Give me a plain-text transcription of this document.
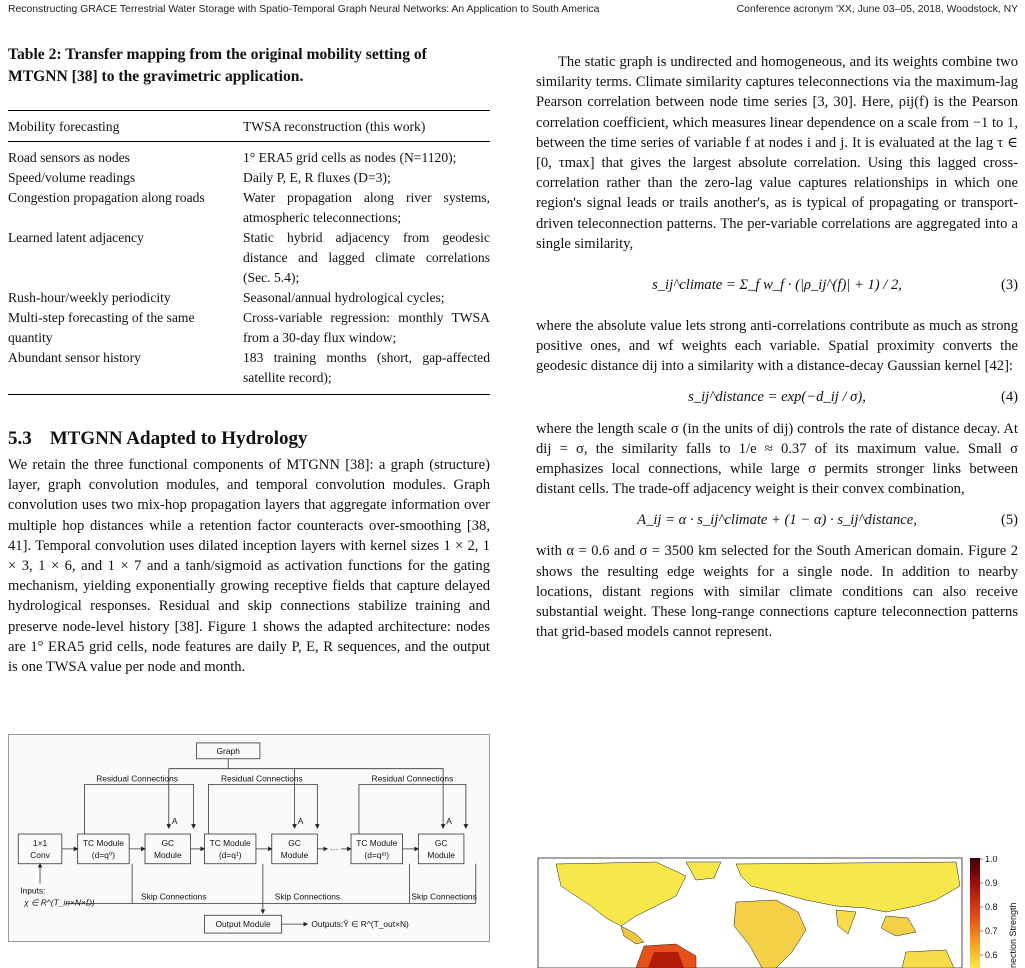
Reconstructing GRACE Terrestrial Water Storage with Spatio-Temporal Graph Neural Networks: An Application to South America	Conference acronym 'XX, June 03–05, 2018, Woodstock, NY
Table 2: Transfer mapping from the original mobility setting of MTGNN [38] to the gravimetric application.
Mobility forecasting	TWSA reconstruction (this work)
Road sensors as nodes	1° ERA5 grid cells as nodes (N=1120);
Speed/volume readings	Daily P, E, R fluxes (D=3);
Congestion propagation along roads	Water propagation along river systems, atmospheric teleconnections;
Learned latent adjacency	Static hybrid adjacency from geodesic distance and lagged climate correlations (Sec. 5.4);
Rush-hour/weekly periodicity	Seasonal/annual hydrological cycles;
Multi-step forecasting of the same quantity	Cross-variable regression: monthly TWSA from a 30-day flux window;
Abundant sensor history	183 training months (short, gap-affected satellite record);
5.3 MTGNN Adapted to Hydrology

We retain the three functional components of MTGNN [38]: a graph (structure) layer, graph convolution modules, and temporal convolution modules. Graph convolution uses two mix-hop propagation layers that aggregate information over multiple hop distances while a retention factor counteracts over-smoothing [38, 41]. Temporal convolution uses dilated inception layers with kernel sizes 1 × 2, 1 × 3, 1 × 6, and 1 × 7 and a tanh/sigmoid as activation functions for the gating mechanism, yielding exponentially growing receptive fields that capture delayed hydrological responses. Residual and skip connections stabilize training and preserve node-level history [38]. Figure 1 shows the adapted architecture: nodes are 1° ERA5 grid cells, node features are daily P, E, R sequences, and the output is one TWSA value per node and month.

Graph
Residual Connections	Residual Connections	Residual Connections
A	A	A
1×1
Conv
TC Module
(d=q⁰)
GC
Module
TC Module
(d=q¹)
GC
Module
···
TC Module
(d=qᵐ)
GC
Module
Skip Connections	Skip Connections	Skip Connections
Output Module
Inputs:
χ ∈ R^(T_in×N×D)
Outputs:Ŷ ∈ R^(T_out×N)

The static graph is undirected and homogeneous, and its weights combine two similarity terms. Climate similarity captures teleconnections via the maximum-lag Pearson correlation between node time series [3, 30]. Here, ρij(f) is the Pearson correlation coefficient, which measures linear dependence on a scale from −1 to 1, between the time series of variable f at nodes i and j. It is evaluated at the lag τ ∈ [0, τmax] that gives the largest absolute correlation. Using this lagged cross-correlation rather than the zero-lag value captures relationships in which one region's signal leads or trails another's, as is typical of propagating or transport-driven teleconnection patterns. The per-variable correlations are aggregated into a single similarity,

s_ij^climate = Σ_f w_f · (|ρ_ij^(f)| + 1) / 2,	(3)

where the absolute value lets strong anti-correlations contribute as much as strong positive ones, and wf weights each variable. Spatial proximity converts the geodesic distance dij into a similarity with a distance-decay Gaussian kernel [42]:

s_ij^distance = exp(−d_ij / σ),	(4)

where the length scale σ (in the units of dij) controls the rate of distance decay. At dij = σ, the similarity falls to 1/e ≈ 0.37 of its maximum value. Small σ emphasizes local connections, while large σ permits stronger links between distant cells. The trade-off adjacency weight is their convex combination,

A_ij = α · s_ij^climate + (1 − α) · s_ij^distance,	(5)

with α = 0.6 and σ = 3500 km selected for the South American domain. Figure 2 shows the resulting edge weights for a single node. In addition to nearby locations, distant regions with similar climate conditions can also receive substantial weight. These long-range connections capture teleconnection patterns that grid-based models cannot represent.

1.0
0.9
0.8
0.7
0.6 nection Strength
